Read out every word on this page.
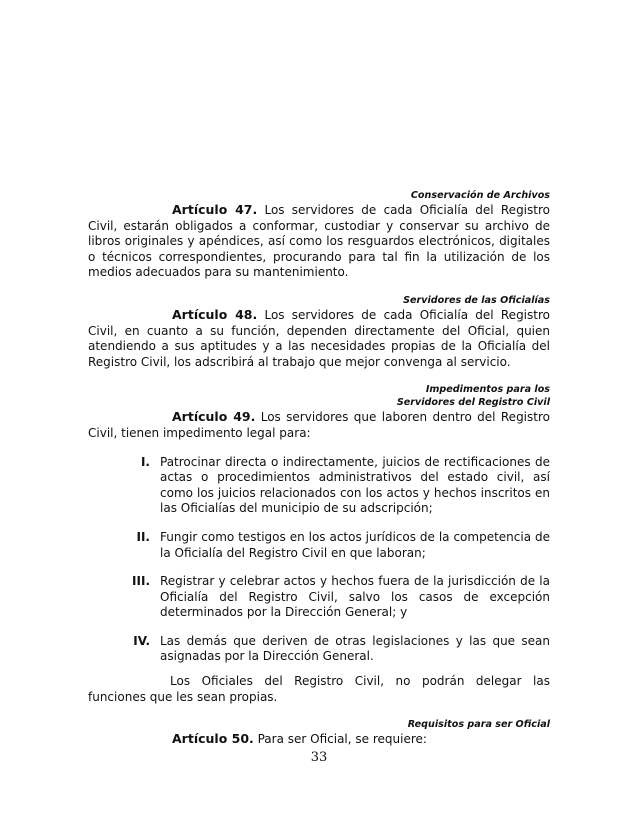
Conservación de Archivos

Artículo 47. Los servidores de cada Oficialía del Registro Civil, estarán obligados a conformar, custodiar y conservar su archivo de libros originales y apéndices, así como los resguardos electrónicos, digitales o técnicos correspondientes, procurando para tal fin la utilización de los medios adecuados para su mantenimiento.

Servidores de las Oficialías

Artículo 48. Los servidores de cada Oficialía del Registro Civil, en cuanto a su función, dependen directamente del Oficial, quien atendiendo a sus aptitudes y a las necesidades propias de la Oficialía del Registro Civil, los adscribirá al trabajo que mejor convenga al servicio.

Impedimentos para los

Servidores del Registro Civil

Artículo 49. Los servidores que laboren dentro del Registro Civil, tienen impedimento legal para:

I. Patrocinar directa o indirectamente, juicios de rectificaciones de actas o procedimientos administrativos del estado civil, así como los juicios relacionados con los actos y hechos inscritos en las Oficialías del municipio de su adscripción;

II. Fungir como testigos en los actos jurídicos de la competencia de la Oficialía del Registro Civil en que laboran;

III. Registrar y celebrar actos y hechos fuera de la jurisdicción de la Oficialía del Registro Civil, salvo los casos de excepción determinados por la Dirección General; y

IV. Las demás que deriven de otras legislaciones y las que sean asignadas por la Dirección General.

Los Oficiales del Registro Civil, no podrán delegar las funciones que les sean propias.

Requisitos para ser Oficial

Artículo 50. Para ser Oficial, se requiere:

33
